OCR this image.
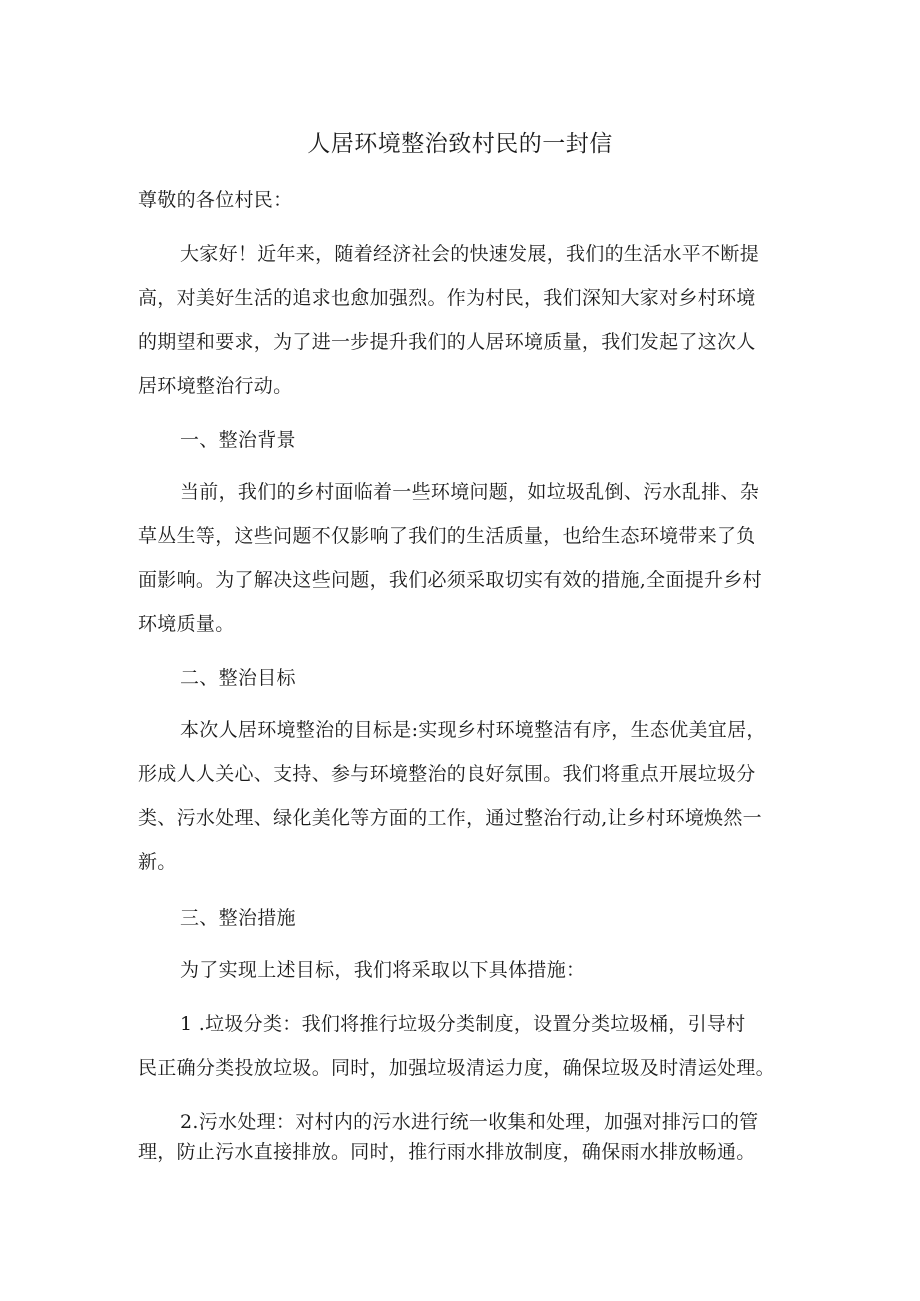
人居环境整治致村民的一封信

尊敬的各位村民：

大家好！近年来，随着经济社会的快速发展，我们的生活水平不断提

高，对美好生活的追求也愈加强烈。作为村民，我们深知大家对乡村环境

的期望和要求，为了进一步提升我们的人居环境质量，我们发起了这次人

居环境整治行动。

一、整治背景

当前，我们的乡村面临着一些环境问题，如垃圾乱倒、污水乱排、杂

草丛生等，这些问题不仅影响了我们的生活质量，也给生态环境带来了负

面影响。为了解决这些问题，我们必须采取切实有效的措施,全面提升乡村

环境质量。

二、整治目标

本次人居环境整治的目标是:实现乡村环境整洁有序，生态优美宜居，

形成人人关心、支持、参与环境整治的良好氛围。我们将重点开展垃圾分

类、污水处理、绿化美化等方面的工作，通过整治行动,让乡村环境焕然一

新。

三、整治措施

为了实现上述目标，我们将采取以下具体措施：

1 .垃圾分类：我们将推行垃圾分类制度，设置分类垃圾桶，引导村

民正确分类投放垃圾。同时，加强垃圾清运力度，确保垃圾及时清运处理。

2.污水处理：对村内的污水进行统一收集和处理，加强对排污口的管

理，防止污水直接排放。同时，推行雨水排放制度，确保雨水排放畅通。
